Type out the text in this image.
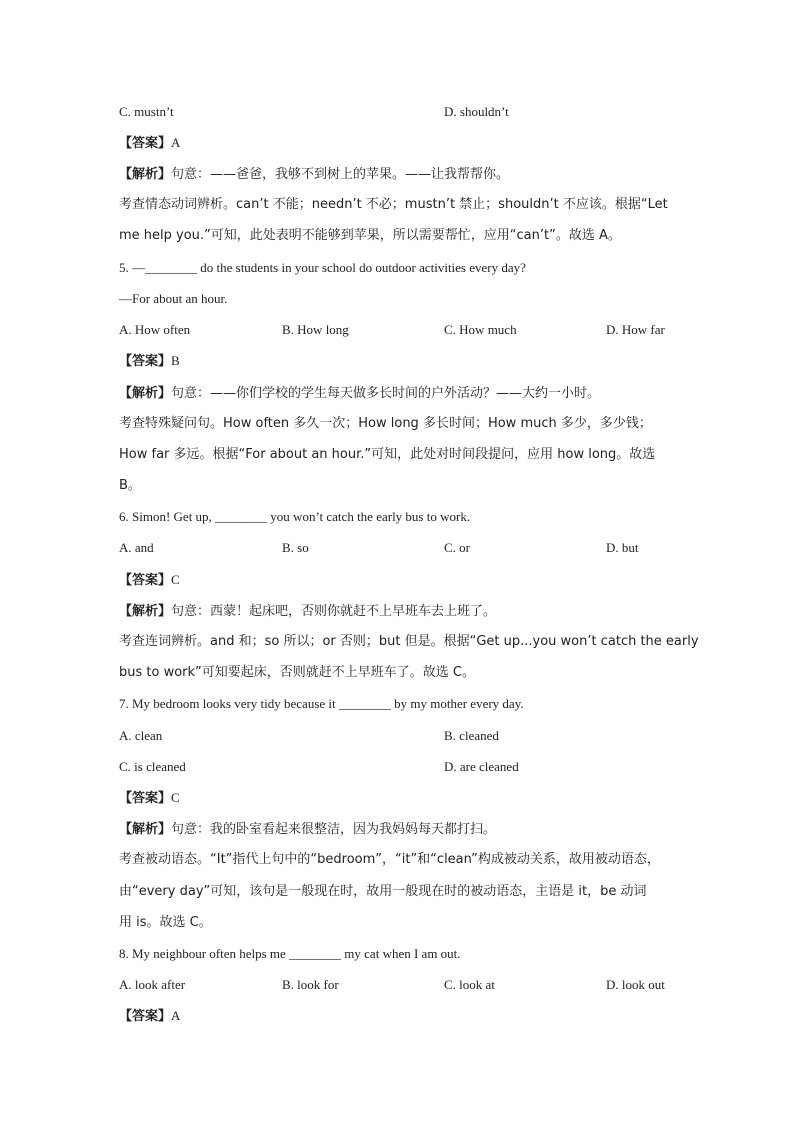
C. mustn’t	D. shouldn’t
【答案】A
【解析】句意：——爸爸，我够不到树上的苹果。——让我帮帮你。
考查情态动词辨析。can’t 不能；needn’t 不必；mustn’t 禁止；shouldn’t 不应该。根据“Let
me help you.”可知，此处表明不能够到苹果，所以需要帮忙，应用“can’t”。故选 A。
5. —________ do the students in your school do outdoor activities every day?
—For about an hour.
A. How often	B. How long	C. How much	D. How far
【答案】B
【解析】句意：——你们学校的学生每天做多长时间的户外活动？——大约一小时。
考查特殊疑问句。How often 多久一次；How long 多长时间；How much 多少，多少钱；
How far 多远。根据“For about an hour.”可知，此处对时间段提问，应用 how long。故选
B。
6. Simon! Get up, ________ you won’t catch the early bus to work.
A. and	B. so	C. or	D. but
【答案】C
【解析】句意：西蒙！起床吧，否则你就赶不上早班车去上班了。
考查连词辨析。and 和；so 所以；or 否则；but 但是。根据“Get up...you won’t catch the early
bus to work”可知要起床，否则就赶不上早班车了。故选 C。
7. My bedroom looks very tidy because it ________ by my mother every day.
A. clean	B. cleaned
C. is cleaned	D. are cleaned
【答案】C
【解析】句意：我的卧室看起来很整洁，因为我妈妈每天都打扫。
考查被动语态。“It”指代上句中的“bedroom”，“it”和“clean”构成被动关系，故用被动语态，
由“every day”可知，该句是一般现在时，故用一般现在时的被动语态，主语是 it，be 动词
用 is。故选 C。
8. My neighbour often helps me ________ my cat when I am out.
A. look after	B. look for	C. look at	D. look out
【答案】A
